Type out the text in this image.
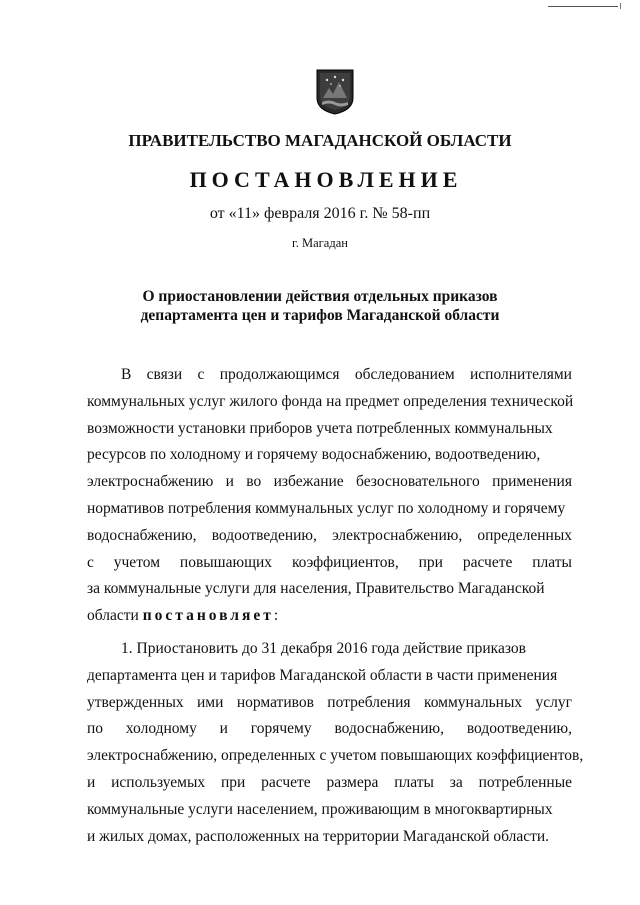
ПРАВИТЕЛЬСТВО МАГАДАНСКОЙ ОБЛАСТИ
ПОСТАНОВЛЕНИЕ
от «11» февраля 2016 г. № 58-пп
г. Магадан
О приостановлении действия отдельных приказов
департамента цен и тарифов Магаданской области
В связи с продолжающимся обследованием исполнителями
коммунальных услуг жилого фонда на предмет определения технической
возможности установки приборов учета потребленных коммунальных
ресурсов по холодному и горячему водоснабжению, водоотведению,
электроснабжению и во избежание безосновательного применения
нормативов потребления коммунальных услуг по холодному и горячему
водоснабжению, водоотведению, электроснабжению, определенных
с учетом повышающих коэффициентов, при расчете платы
за коммунальные услуги для населения, Правительство Магаданской
области
постановляет :
1. Приостановить до 31 декабря 2016 года действие приказов
департамента цен и тарифов Магаданской области в части применения
утвержденных ими нормативов потребления коммунальных услуг
по холодному и горячему водоснабжению, водоотведению,
электроснабжению, определенных с учетом повышающих коэффициентов,
и используемых при расчете размера платы за потребленные
коммунальные услуги населением, проживающим в многоквартирных
и жилых домах, расположенных на территории Магаданской области.
